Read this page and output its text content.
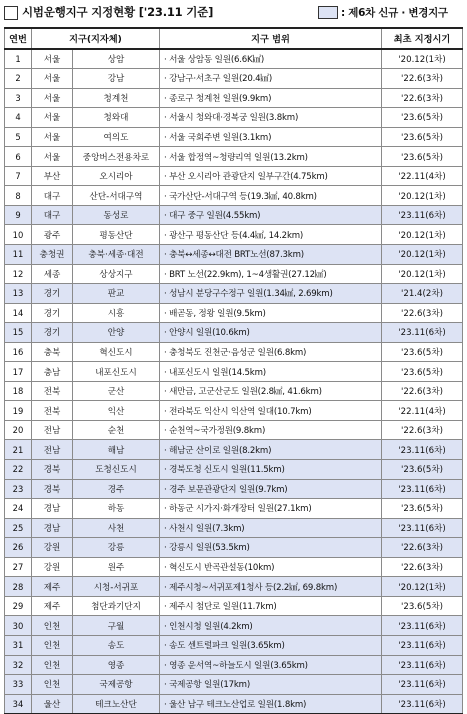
시범운행지구 지정현황 ['23.11 기준]	: 제6차 신규 · 변경지구
연번	지구(지자체)		지구 범위	최초 지정시기
1	서울	상암	· 서울 상암동 일원(6.6K㎢)	'20.12(1차)
2	서울	강남	· 강남구·서초구 일원(20.4㎢)	'22.6(3차)
3	서울	청계천	· 종로구 청계천 일원(9.9km)	'22.6(3차)
4	서울	청와대	· 서울시 청와대·경복궁 일원(3.8km)	'23.6(5차)
5	서울	여의도	· 서울 국회주변 일원(3.1km)	'23.6(5차)
6	서울	중앙버스전용차로	· 서울 합정역~청량리역 일원(13.2km)	'23.6(5차)
7	부산	오시리아	· 부산 오시리아 관광단지 일부구간(4.75km)	'22.11(4차)
8	대구	산단-서대구역	· 국가산단-서대구역 등(19.3㎢, 40.8km)	'20.12(1차)
9	대구	동성로	· 대구 중구 일원(4.55km)	'23.11(6차)
10	광주	평동산단	· 광산구 평동산단 등(4.4㎢, 14.2km)	'20.12(1차)
11	충청권	충북·세종·대전	· 충북↔세종↔대전 BRT노선(87.3km)	'20.12(1차)
12	세종	상상지구	· BRT 노선(22.9km), 1~4생활권(27.12㎢)	'20.12(1차)
13	경기	판교	· 성남시 분당구수정구 일원(1.34㎢, 2.69km)	'21.4(2차)
14	경기	시흥	· 배곧동, 정왕 일원(9.5km)	'22.6(3차)
15	경기	안양	· 안양시 일원(10.6km)	'23.11(6차)
16	충북	혁신도시	· 충청북도 진천군·음성군 일원(6.8km)	'23.6(5차)
17	충남	내포신도시	· 내포신도시 일원(14.5km)	'23.6(5차)
18	전북	군산	· 새만금, 고군산군도 일원(2.8㎢, 41.6km)	'22.6(3차)
19	전북	익산	· 전라북도 익산시 익산역 일대(10.7km)	'22.11(4차)
20	전남	순천	· 순천역~국가정원(9.8km)	'22.6(3차)
21	전남	해남	· 해남군 산이로 일원(8.2km)	'23.11(6차)
22	경북	도청신도시	· 경북도청 신도시 일원(11.5km)	'23.6(5차)
23	경북	경주	· 경주 보문관광단지 일원(9.7km)	'23.11(6차)
24	경남	하동	· 하동군 시가지·화개장터 일원(27.1km)	'23.6(5차)
25	경남	사천	· 사천시 일원(7.3km)	'23.11(6차)
26	강원	강릉	· 강릉시 일원(53.5km)	'22.6(3차)
27	강원	원주	· 혁신도시 반곡관설동(10km)	'22.6(3차)
28	제주	시청-서귀포	· 제주시청~서귀포제1청사 등(2.2㎢, 69.8km)	'20.12(1차)
29	제주	첨단과기단지	· 제주시 첨단로 일원(11.7km)	'23.6(5차)
30	인천	구월	· 인천시청 일원(4.2km)	'23.11(6차)
31	인천	송도	· 송도 센트럴파크 일원(3.65km)	'23.11(6차)
32	인천	영종	· 영종 운서역~하늘도시 일원(3.65km)	'23.11(6차)
33	인천	국제공항	· 국제공항 일원(17km)	'23.11(6차)
34	울산	테크노산단	· 울산 남구 테크노산업로 일원(1.8km)	'23.11(6차)
